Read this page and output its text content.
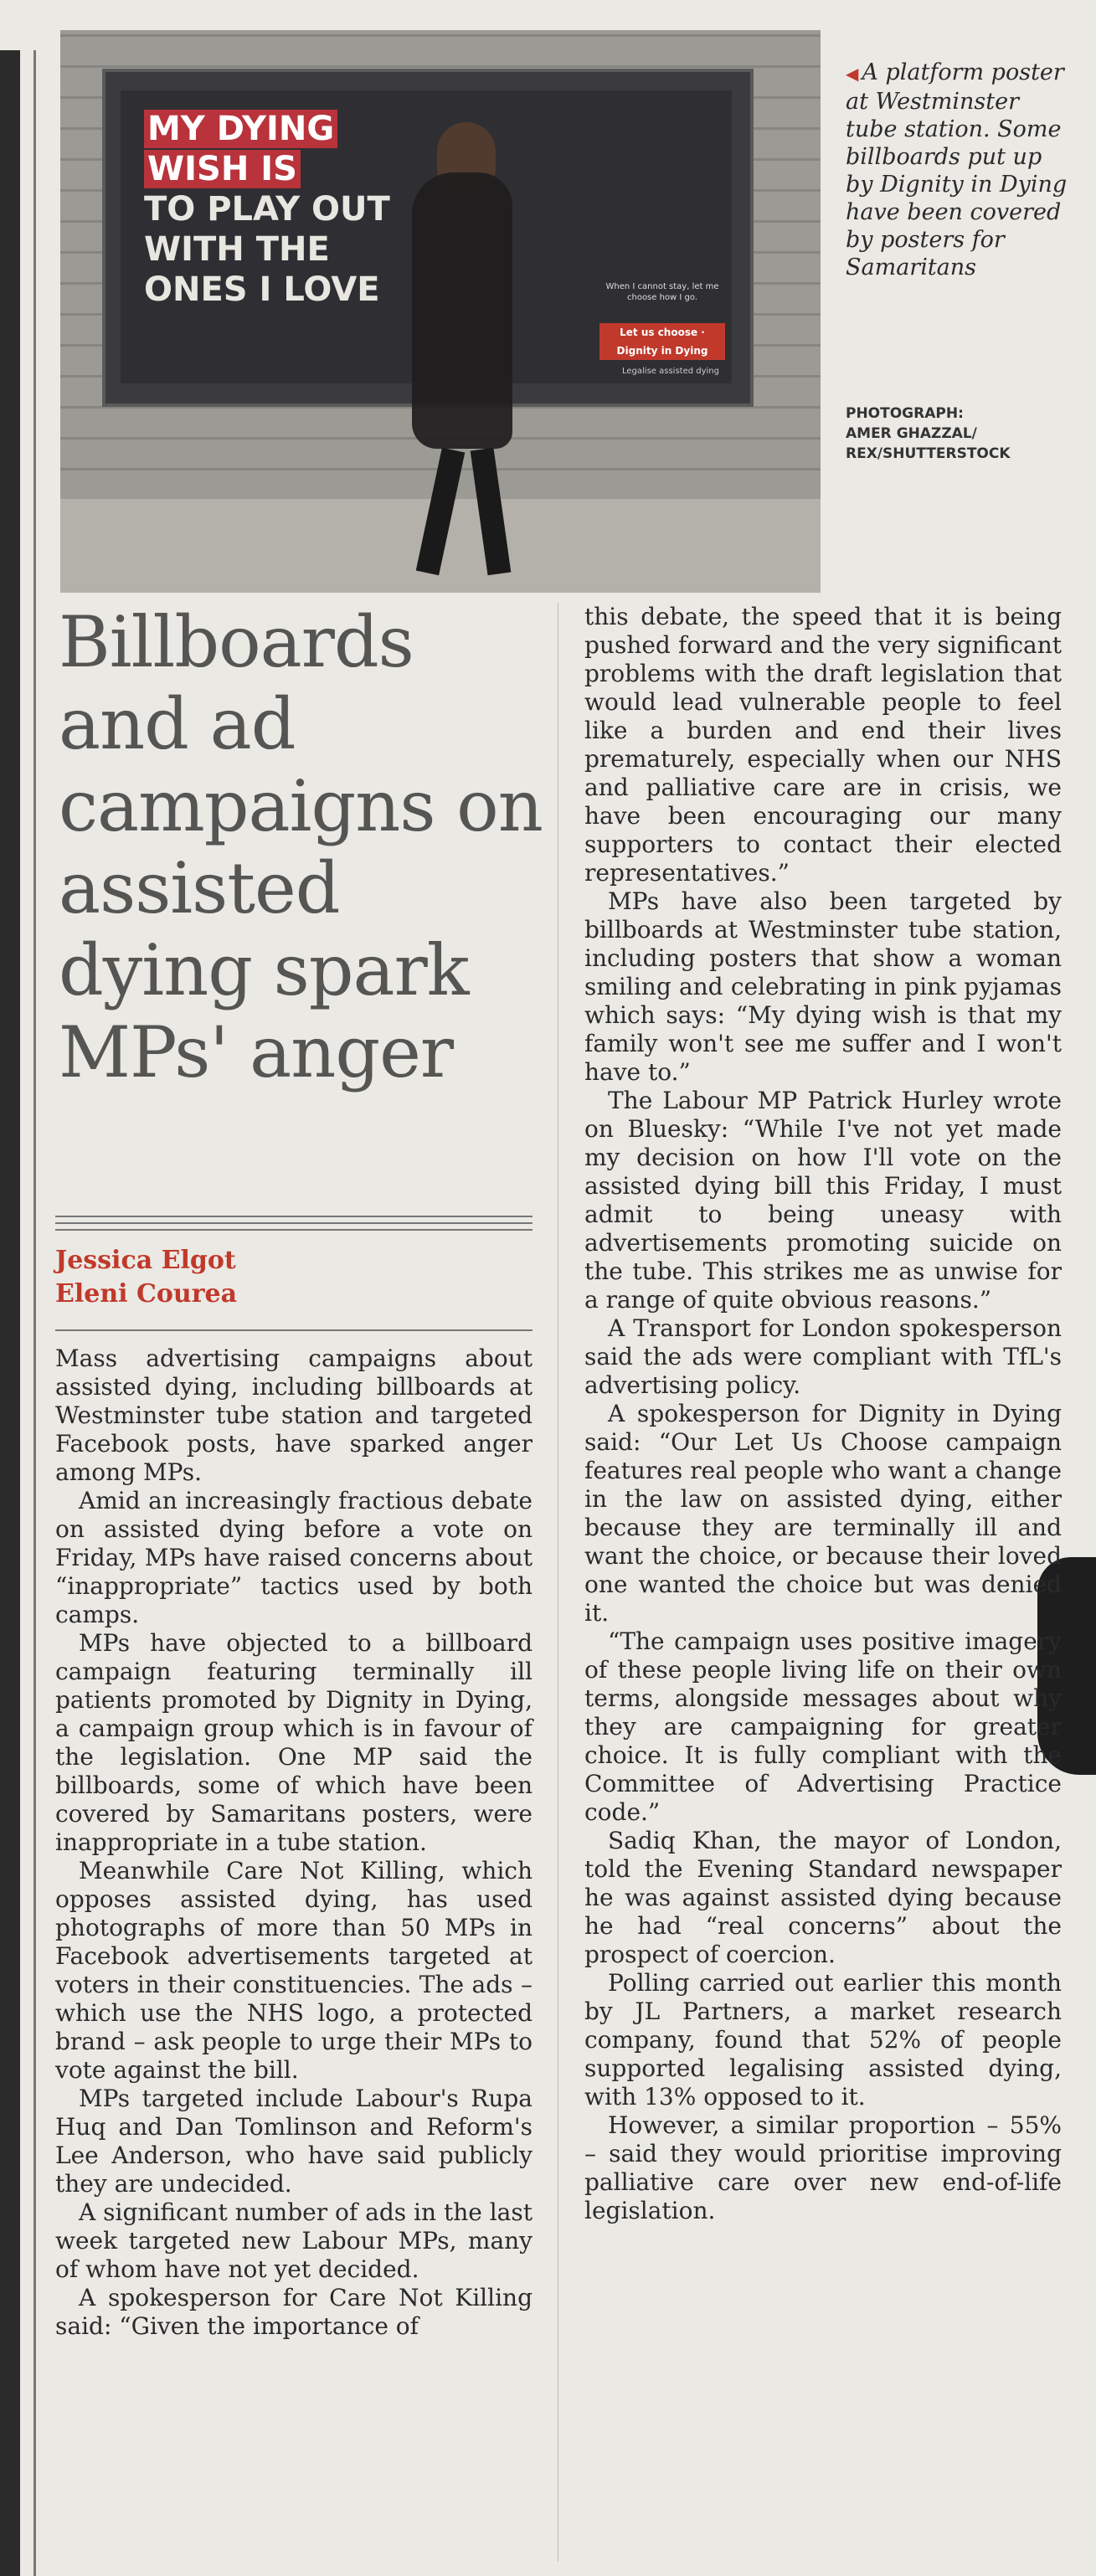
MY DYING
WISH IS
TO PLAY OUT
WITH THE
ONES I LOVE	When I cannot stay, let me choose how I go.
Let us choose · Dignity in Dying
Legalise assisted dying
◀ A platform poster at Westminster tube station. Some billboards put up by Dignity in Dying have been covered by posters for Samaritans
PHOTOGRAPH:
AMER GHAZZAL/ REX/SHUTTERSTOCK
Billboards and ad campaigns on assisted dying spark MPs' anger
Jessica Elgot
Eleni Courea

Mass advertising campaigns about assisted dying, including billboards at Westminster tube station and targeted Facebook posts, have sparked anger among MPs.

Amid an increasingly fractious debate on assisted dying before a vote on Friday, MPs have raised concerns about “inappropriate” tactics used by both camps.

MPs have objected to a billboard campaign featuring terminally ill patients promoted by Dignity in Dying, a campaign group which is in favour of the legislation. One MP said the billboards, some of which have been covered by Samaritans posters, were inappropriate in a tube station.

Meanwhile Care Not Killing, which opposes assisted dying, has used photographs of more than 50 MPs in Facebook advertisements targeted at voters in their constituencies. The ads – which use the NHS logo, a protected brand – ask people to urge their MPs to vote against the bill.

MPs targeted include Labour's Rupa Huq and Dan Tomlinson and Reform's Lee Anderson, who have said publicly they are undecided.

A significant number of ads in the last week targeted new Labour MPs, many of whom have not yet decided.

A spokesperson for Care Not Killing said: “Given the importance of

this debate, the speed that it is being pushed forward and the very significant problems with the draft legislation that would lead vulnerable people to feel like a burden and end their lives prematurely, especially when our NHS and palliative care are in crisis, we have been encouraging our many supporters to contact their elected representatives.”

MPs have also been targeted by billboards at Westminster tube station, including posters that show a woman smiling and celebrating in pink pyjamas which says: “My dying wish is that my family won't see me suffer and I won't have to.”

The Labour MP Patrick Hurley wrote on Bluesky: “While I've not yet made my decision on how I'll vote on the assisted dying bill this Friday, I must admit to being uneasy with advertisements promoting suicide on the tube. This strikes me as unwise for a range of quite obvious reasons.”

A Transport for London spokesperson said the ads were compliant with TfL's advertising policy.

A spokesperson for Dignity in Dying said: “Our Let Us Choose campaign features real people who want a change in the law on assisted dying, either because they are terminally ill and want the choice, or because their loved one wanted the choice but was denied it.

“The campaign uses positive imagery of these people living life on their own terms, alongside messages about why they are campaigning for greater choice. It is fully compliant with the Committee of Advertising Practice code.”

Sadiq Khan, the mayor of London, told the Evening Standard newspaper he was against assisted dying because he had “real concerns” about the prospect of coercion.

Polling carried out earlier this month by JL Partners, a market research company, found that 52% of people supported legalising assisted dying, with 13% opposed to it.

However, a similar proportion – 55% – said they would prioritise improving palliative care over new end-of-life legislation.
